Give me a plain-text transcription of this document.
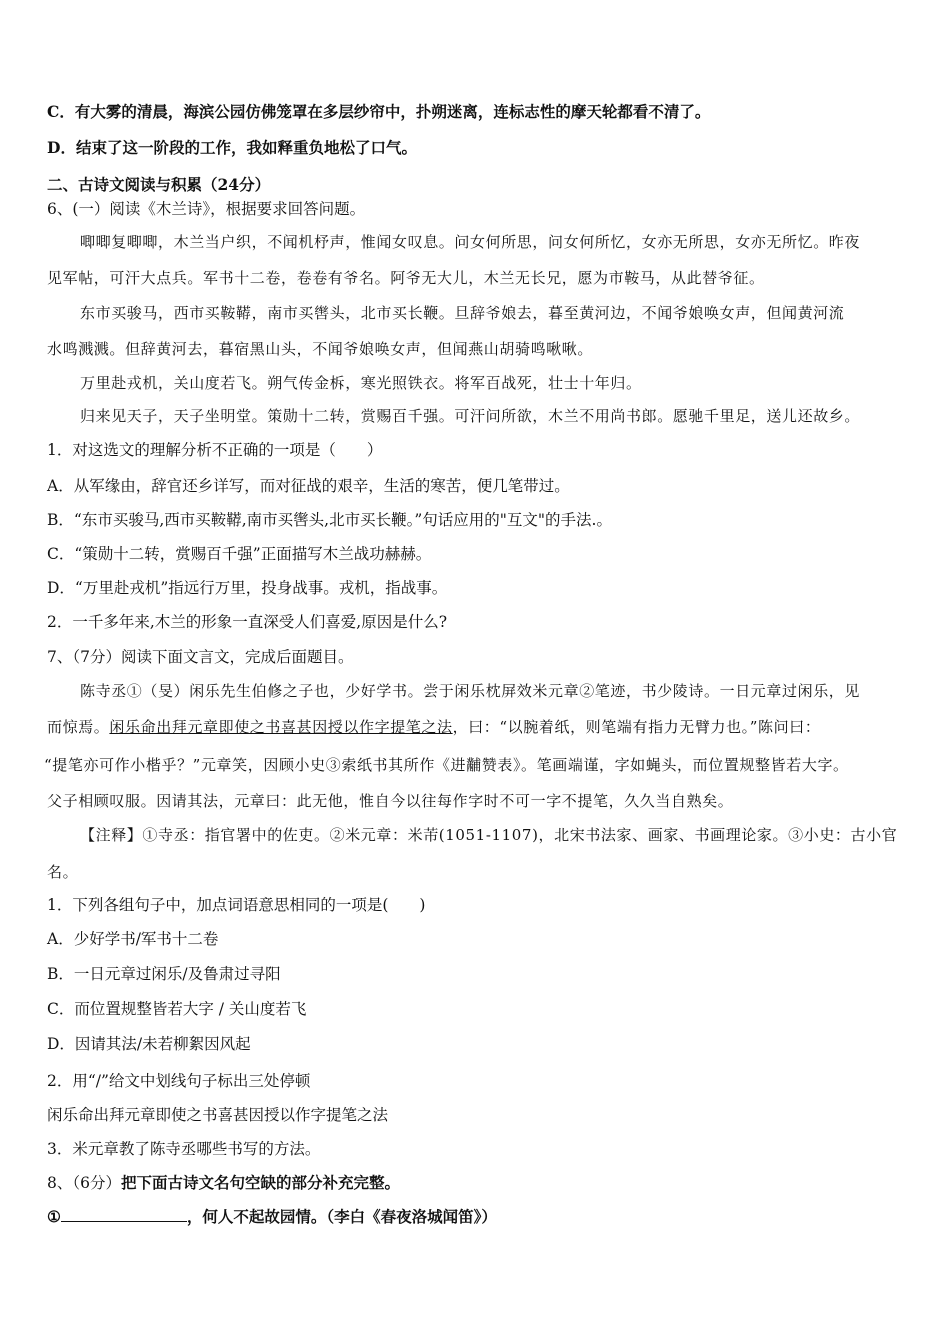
C．有大雾的清晨，海滨公园仿佛笼罩在多层纱帘中，扑朔迷离，连标志性的摩天轮都看不清了。
D．结束了这一阶段的工作，我如释重负地松了口气。
二、古诗文阅读与积累（24分）
6、(一）阅读《木兰诗》，根据要求回答问题。
唧唧复唧唧，木兰当户织，不闻机杼声，惟闻女叹息。问女何所思，问女何所忆，女亦无所思，女亦无所忆。昨夜
见军帖，可汗大点兵。军书十二卷，卷卷有爷名。阿爷无大儿，木兰无长兄，愿为市鞍马，从此替爷征。
东市买骏马，西市买鞍鞯，南市买辔头，北市买长鞭。旦辞爷娘去，暮至黄河边，不闻爷娘唤女声，但闻黄河流
水鸣溅溅。但辞黄河去，暮宿黑山头，不闻爷娘唤女声，但闻燕山胡骑鸣啾啾。
万里赴戎机，关山度若飞。朔气传金柝，寒光照铁衣。将军百战死，壮士十年归。
归来见天子，天子坐明堂。策勋十二转，赏赐百千强。可汗问所欲，木兰不用尚书郎。愿驰千里足，送儿还故乡。
1．对这选文的理解分析不正确的一项是（　　）
A．从军缘由，辞官还乡详写，而对征战的艰辛，生活的寒苦，便几笔带过。
B．“东市买骏马,西市买鞍鞯,南市买辔头,北市买长鞭。”句话应用的"互文"的手法.。
C．“策勋十二转，赏赐百千强”正面描写木兰战功赫赫。
D．“万里赴戎机”指远行万里，投身战事。戎机，指战事。
2．一千多年来,木兰的形象一直深受人们喜爱,原因是什么?
7、（7分）阅读下面文言文，完成后面题目。
陈寺丞①（旻）闲乐先生伯修之子也，少好学书。尝于闲乐枕屏效米元章②笔迹，书少陵诗。一日元章过闲乐，见
而惊焉。闲乐命出拜元章即使之书喜甚因授以作字提笔之法，曰：“以腕着纸，则笔端有指力无臂力也。”陈问曰：
“提笔亦可作小楷乎？”元章笑，因顾小史③索纸书其所作《进黼赞表》。笔画端谨，字如蝇头，而位置规整皆若大字。
父子相顾叹服。因请其法，元章曰：此无他，惟自今以往每作字时不可一字不提笔，久久当自熟矣。
【注释】①寺丞：指官署中的佐吏。②米元章：米芾(1051-1107)，北宋书法家、画家、书画理论家。③小史：古小官
名。
1．下列各组句子中，加点词语意思相同的一项是(　　)
A．少好学书/军书十二卷
B．一日元章过闲乐/及鲁肃过寻阳
C．而位置规整皆若大字 / 关山度若飞
D．因请其法/未若柳絮因风起
2．用“/”给文中划线句子标出三处停顿
闲乐命出拜元章即使之书喜甚因授以作字提笔之法
3．米元章教了陈寺丞哪些书写的方法。
8、（6分）把下面古诗文名句空缺的部分补充完整。
①	，何人不起故园情。（李白《春夜洛城闻笛》）
